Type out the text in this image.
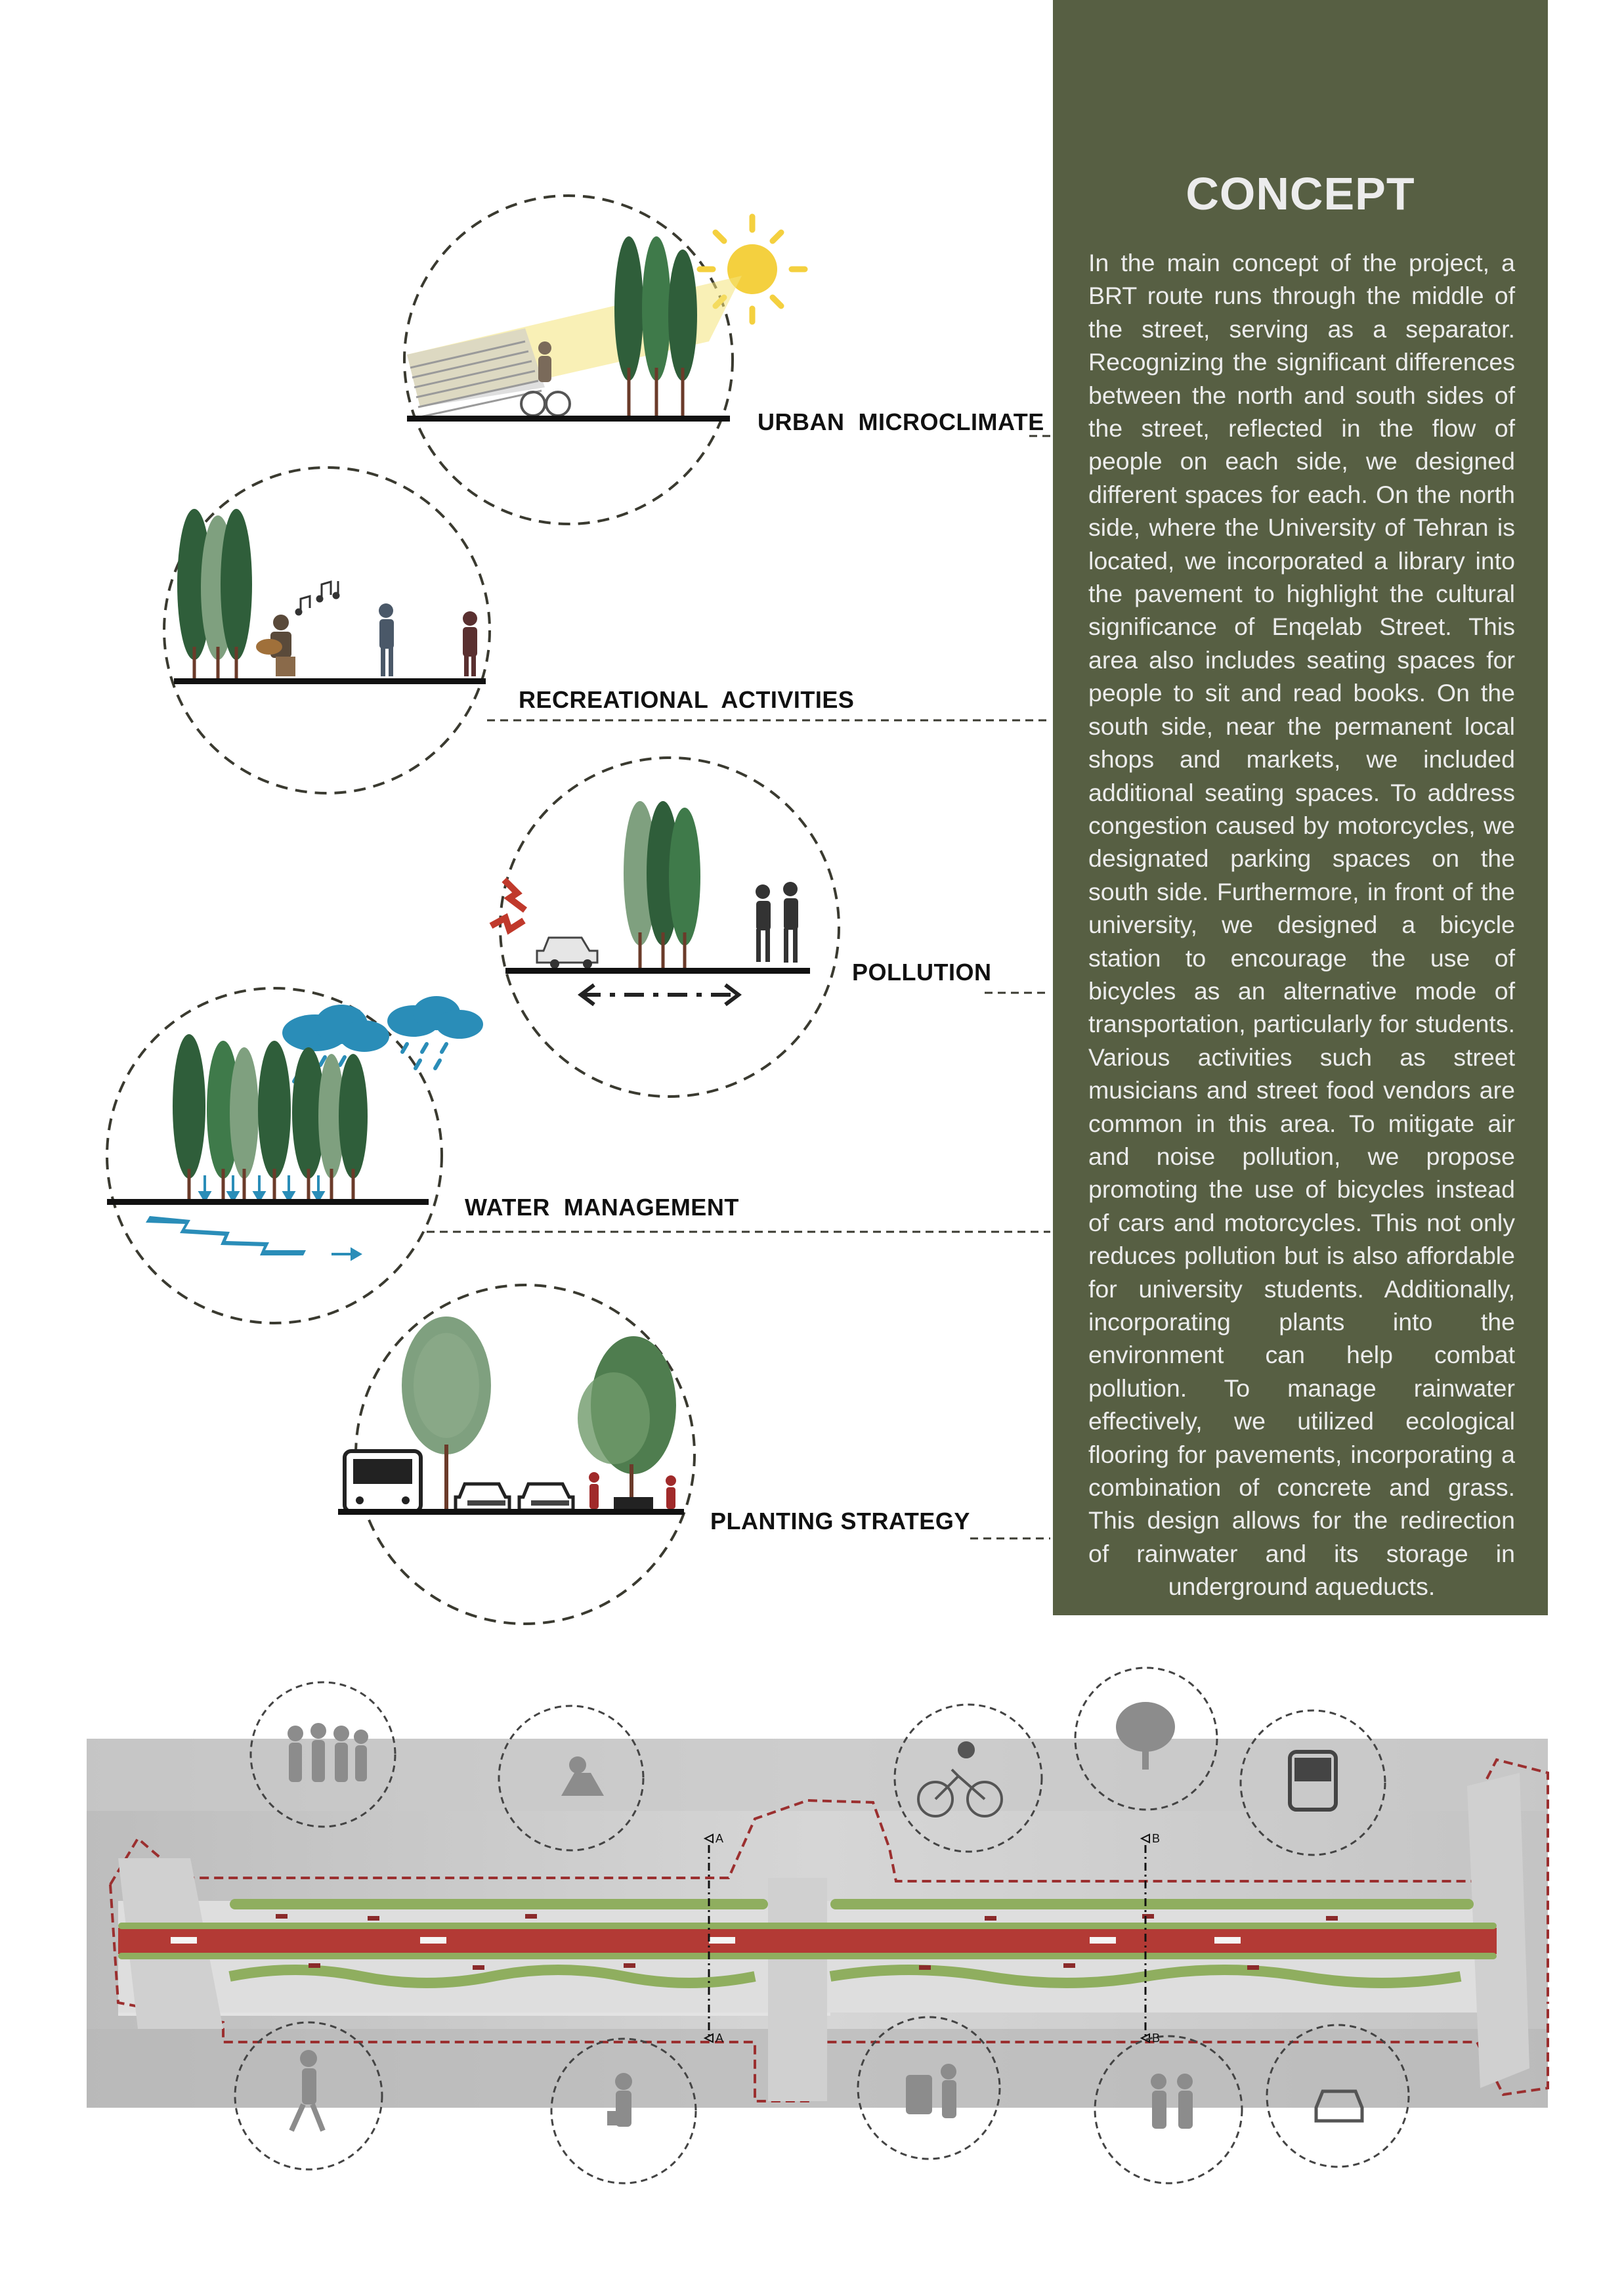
CONCEPT
In the main concept of the project, a BRT route runs through the middle of the street, serving as a separator. Recognizing the significant differences between the north and south sides of the street, reflected in the flow of people on each side, we designed different spaces for each. On the north side, where the University of Tehran is located, we incorporated a library into the pavement to highlight the cultural significance of Enqelab Street. This area also includes seating spaces for people to sit and read books. On the south side, near the permanent local shops and markets, we included additional seating spaces. To address congestion caused by motorcycles, we designated parking spaces on the south side. Furthermore, in front of the university, we designed a bicycle station to encourage the use of bicycles as an alternative mode of transportation, particularly for students. Various activities such as street musicians and street food vendors are common in this area. To mitigate air and noise pollution, we propose promoting the use of bicycles instead of cars and motorcycles. This not only reduces pollution but is also affordable for university students. Additionally, incorporating plants into the environment can help combat pollution. To manage rainwater effectively, we utilized ecological flooring for pavements, incorporating a combination of concrete and grass. This design allows for the redirection of rainwater and its storage in underground aqueducts.
URBAN  MICROCLIMATE
RECREATIONAL  ACTIVITIES
POLLUTION
WATER  MANAGEMENT
PLANTING STRATEGY
A
A
B
B
